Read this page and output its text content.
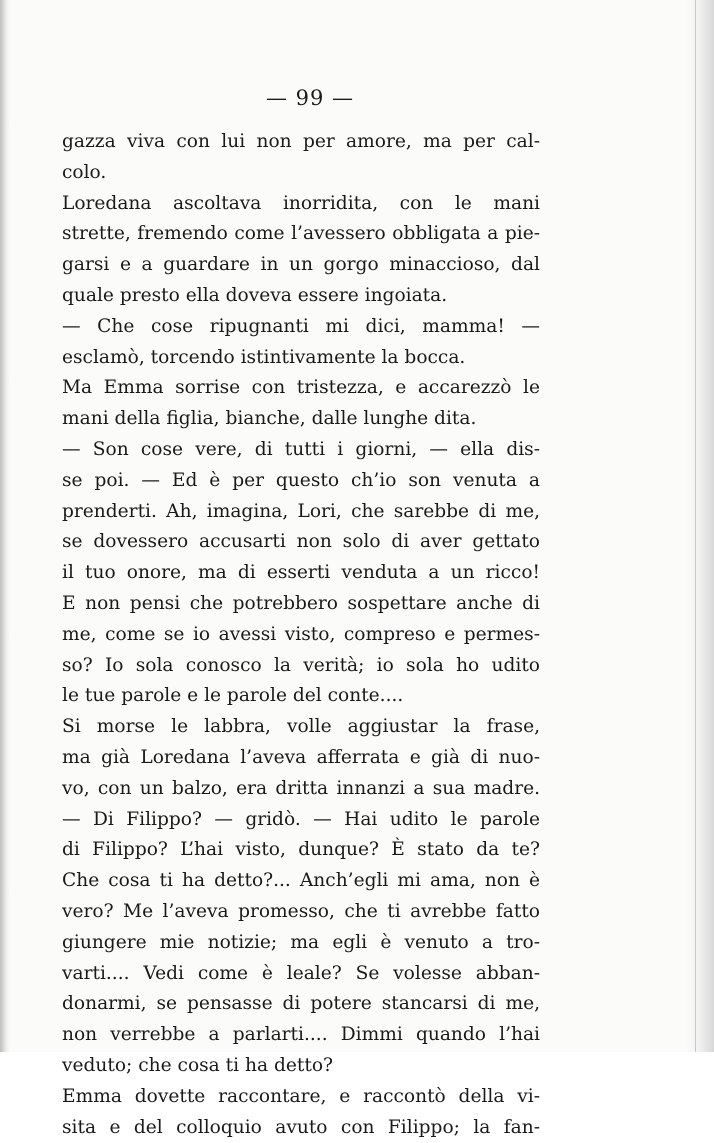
— 99 —
gazza viva con lui non per amore, ma per cal-
colo.
Loredana ascoltava inorridita, con le mani
strette, fremendo come l’avessero obbligata a pie-
garsi e a guardare in un gorgo minaccioso, dal
quale presto ella doveva essere ingoiata.
— Che cose ripugnanti mi dici, mamma! —
esclamò, torcendo istintivamente la bocca.
Ma Emma sorrise con tristezza, e accarezzò le
mani della figlia, bianche, dalle lunghe dita.
— Son cose vere, di tutti i giorni, — ella dis-
se poi. — Ed è per questo ch’io son venuta a
prenderti. Ah, imagina, Lori, che sarebbe di me,
se dovessero accusarti non solo di aver gettato
il tuo onore, ma di esserti venduta a un ricco!
E non pensi che potrebbero sospettare anche di
me, come se io avessi visto, compreso e permes-
so? Io sola conosco la verità; io sola ho udito
le tue parole e le parole del conte....
Si morse le labbra, volle aggiustar la frase,
ma già Loredana l’aveva afferrata e già di nuo-
vo, con un balzo, era dritta innanzi a sua madre.
— Di Filippo? — gridò. — Hai udito le parole
di Filippo? L’hai visto, dunque? È stato da te?
Che cosa ti ha detto?... Anch’egli mi ama, non è
vero? Me l’aveva promesso, che ti avrebbe fatto
giungere mie notizie; ma egli è venuto a tro-
varti.... Vedi come è leale? Se volesse abban-
donarmi, se pensasse di potere stancarsi di me,
non verrebbe a parlarti.... Dimmi quando l’hai
veduto; che cosa ti ha detto?
Emma dovette raccontare, e raccontò della vi-
sita e del colloquio avuto con Filippo; la fan-
